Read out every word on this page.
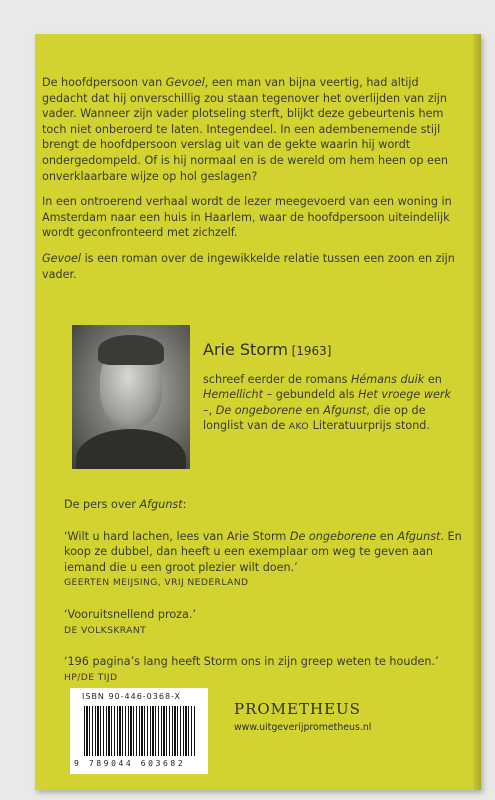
De hoofdpersoon van Gevoel, een man van bijna veertig, had altijd gedacht dat hij onverschillig zou staan tegenover het overlijden van zijn vader. Wanneer zijn vader plotseling sterft, blijkt deze gebeurtenis hem toch niet onberoerd te laten. Integendeel. In een adembenemende stijl brengt de hoofdpersoon verslag uit van de gekte waarin hij wordt ondergedompeld. Of is hij normaal en is de wereld om hem heen op een onverklaarbare wijze op hol geslagen?

In een ontroerend verhaal wordt de lezer meegevoerd van een woning in Amsterdam naar een huis in Haarlem, waar de hoofdpersoon uiteindelijk wordt geconfronteerd met zichzelf.

Gevoel is een roman over de ingewikkelde relatie tussen een zoon en zijn vader.

Arie Storm [1963]
schreef eerder de romans Hémans duik en Hemellicht – gebundeld als Het vroege werk –, De ongeborene en Afgunst, die op de longlist van de AKO Literatuurprijs stond.
De pers over Afgunst:

‘Wilt u hard lachen, lees van Arie Storm De ongeborene en Afgunst. En koop ze dubbel, dan heeft u een exemplaar om weg te geven aan iemand die u een groot plezier wilt doen.’

GEERTEN MEIJSING, VRIJ NEDERLAND

‘Vooruitsnellend proza.’

DE VOLKSKRANT

‘196 pagina’s lang heeft Storm ons in zijn greep weten te houden.’

HP/DE TIJD

ISBN 90-446-0368-X
9 789044 603682
PROMETHEUS
www.uitgeverijprometheus.nl
